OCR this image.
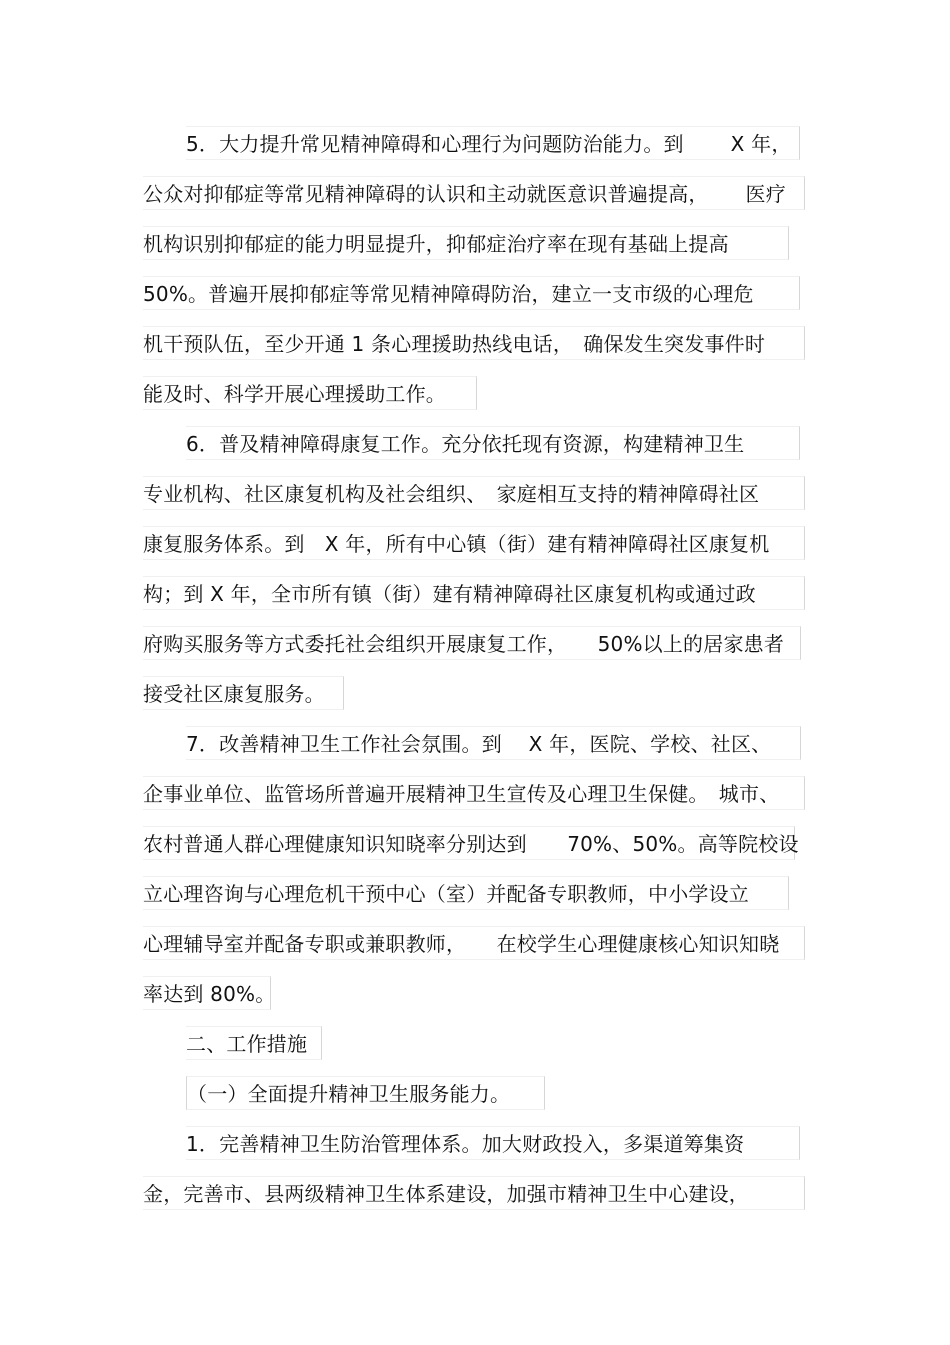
5．大力提升常见精神障碍和心理行为问题防治能力。到　　 X 年，
公众对抑郁症等常见精神障碍的认识和主动就医意识普遍提高，　　 医疗
机构识别抑郁症的能力明显提升，抑郁症治疗率在现有基础上提高
50%。普遍开展抑郁症等常见精神障碍防治，建立一支市级的心理危
机干预队伍，至少开通 1 条心理援助热线电话，　确保发生突发事件时
能及时、科学开展心理援助工作。
6．普及精神障碍康复工作。充分依托现有资源，构建精神卫生
专业机构、社区康复机构及社会组织、　家庭相互支持的精神障碍社区
康复服务体系。到　X 年，所有中心镇（街）建有精神障碍社区康复机
构；到 X 年，全市所有镇（街）建有精神障碍社区康复机构或通过政
府购买服务等方式委托社会组织开展康复工作，　　50%以上的居家患者
接受社区康复服务。
7．改善精神卫生工作社会氛围。到　 X 年，医院、学校、社区、
企事业单位、监管场所普遍开展精神卫生宣传及心理卫生保健。　城市、
农村普通人群心理健康知识知晓率分别达到　　70%、50%。高等院校设
立心理咨询与心理危机干预中心（室）并配备专职教师，中小学设立
心理辅导室并配备专职或兼职教师，　　在校学生心理健康核心知识知晓
率达到 80%。
二、工作措施
（一）全面提升精神卫生服务能力。
1．完善精神卫生防治管理体系。加大财政投入，多渠道筹集资
金，完善市、县两级精神卫生体系建设，加强市精神卫生中心建设，
